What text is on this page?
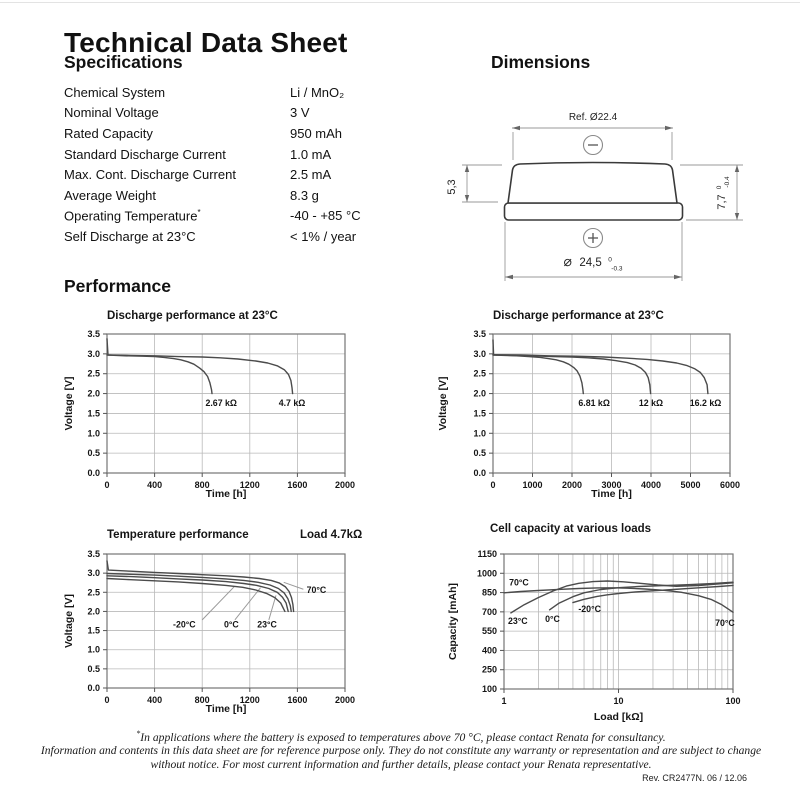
Technical Data Sheet
Specifications
Chemical System	Li / MnO₂
Nominal Voltage	3 V
Rated Capacity	950 mAh
Standard Discharge Current	1.0 mA
Max. Cont. Discharge Current	2.5 mA
Average Weight	8.3 g
Operating Temperature*	-40 - +85 °C
Self Discharge at 23°C	< 1% / year
Dimensions
Ref. Ø22.4
5,3
7,7 $^0$ -0.4
⌀ 24,5 $^0$ -0.3
Performance
0.0
0.5
1.0
1.5
2.0
2.5
3.0
3.5
0	400	800	1200	1600	2000
2.67 kΩ	4.7 kΩ
Discharge performance at 23°C
Time [h]
Voltage [V]
0.0
0.5
1.0
1.5
2.0
2.5
3.0
3.5
0	1000 2000 3000 4000 5000 6000
6.81 kΩ	12 kΩ	16.2 kΩ
Discharge performance at 23°C
Time [h]
Voltage [V]
0.0
0.5
1.0
1.5
2.0
2.5
3.0
3.5
0	400	800	1200	1600	2000
-20°C	0°C 23°C
70°C
Temperature performance	Load 4.7kΩ
Time [h]
Voltage [V]
100
250
400
550
700
850
1000
1150
1	10	100
70°C
23°C 0°C
-20°C
70°C
Cell capacity at various loads
Load [kΩ]
Capacity [mAh]
*In applications where the battery is exposed to temperatures above 70 °C, please contact Renata for consultancy.
Information and contents in this data sheet are for reference purpose only. They do not constitute any warranty or representation and are subject to change without notice. For most current information and further details, please contact your Renata representative.
Rev. CR2477N. 06 / 12.06
